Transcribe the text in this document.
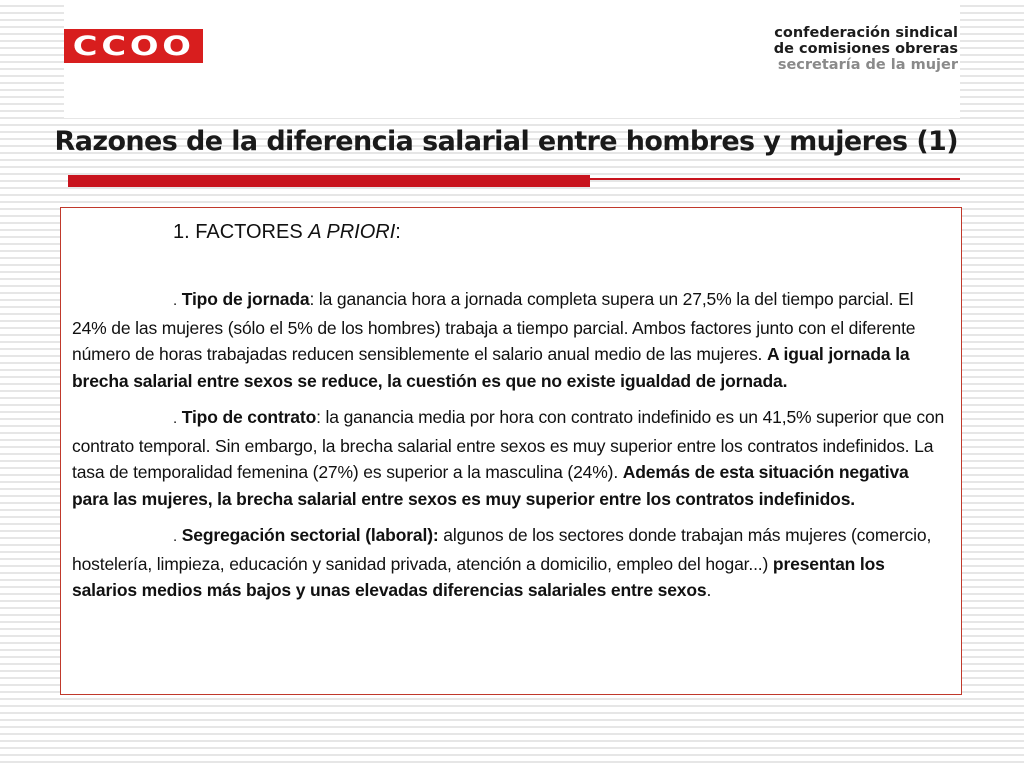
CCOO	confederación sindical
de comisiones obreras
secretaría de la mujer
Razones de la diferencia salarial entre hombres y mujeres (1)
1. FACTORES A PRIORI:

. Tipo de jornada: la ganancia hora a jornada completa supera un 27,5% la del tiempo parcial. El 24% de las mujeres (sólo el 5% de los hombres) trabaja a tiempo parcial. Ambos factores junto con el diferente número de horas trabajadas reducen sensiblemente el salario anual medio de las mujeres. A igual jornada la brecha salarial entre sexos se reduce, la cuestión es que no existe igualdad de jornada.

. Tipo de contrato: la ganancia media por hora con contrato indefinido es un 41,5% superior que con contrato temporal. Sin embargo, la brecha salarial entre sexos es muy superior entre los contratos indefinidos. La tasa de temporalidad femenina (27%) es superior a la masculina (24%). Además de esta situación negativa para las mujeres, la brecha salarial entre sexos es muy superior entre los contratos indefinidos.

. Segregación sectorial (laboral): algunos de los sectores donde trabajan más mujeres (comercio, hostelería, limpieza, educación y sanidad privada, atención a domicilio, empleo del hogar...) presentan los salarios medios más bajos y unas elevadas diferencias salariales entre sexos.
